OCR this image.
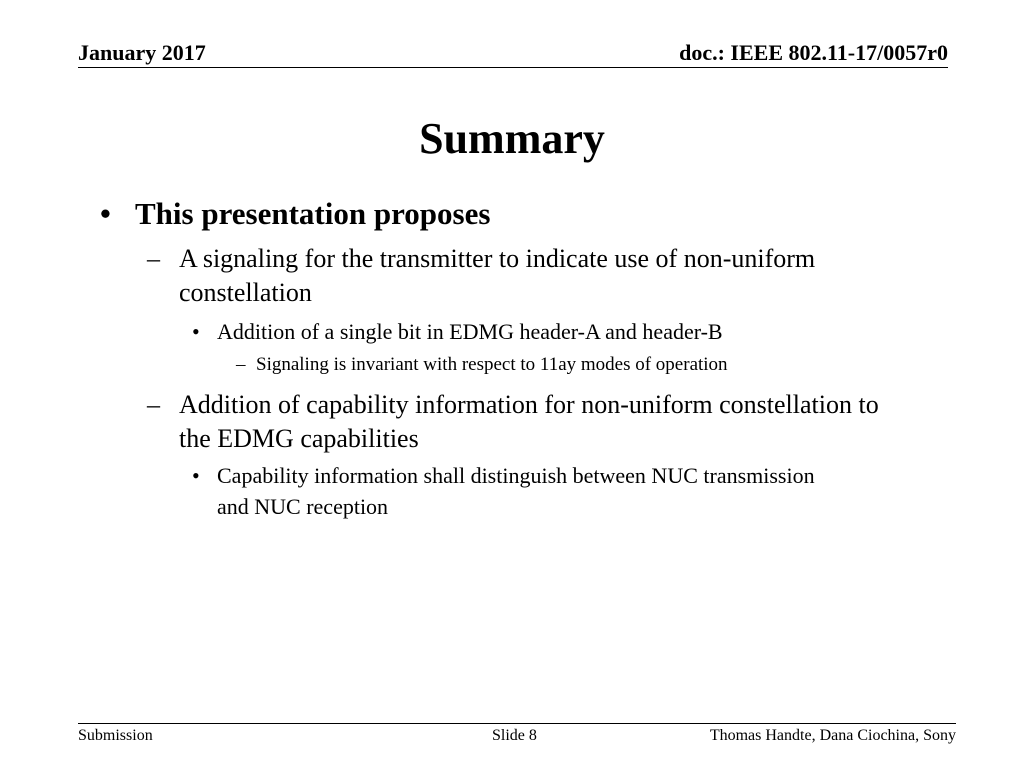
January 2017	doc.: IEEE 802.11-17/0057r0
Summary
• This presentation proposes
– A signaling for the transmitter to indicate use of non-uniform
constellation
• Addition of a single bit in EDMG header-A and header-B
– Signaling is invariant with respect to 11ay modes of operation
– Addition of capability information for non-uniform constellation to
the EDMG capabilities
• Capability information shall distinguish between NUC transmission
and NUC reception
Submission	Slide 8	Thomas Handte, Dana Ciochina, Sony
